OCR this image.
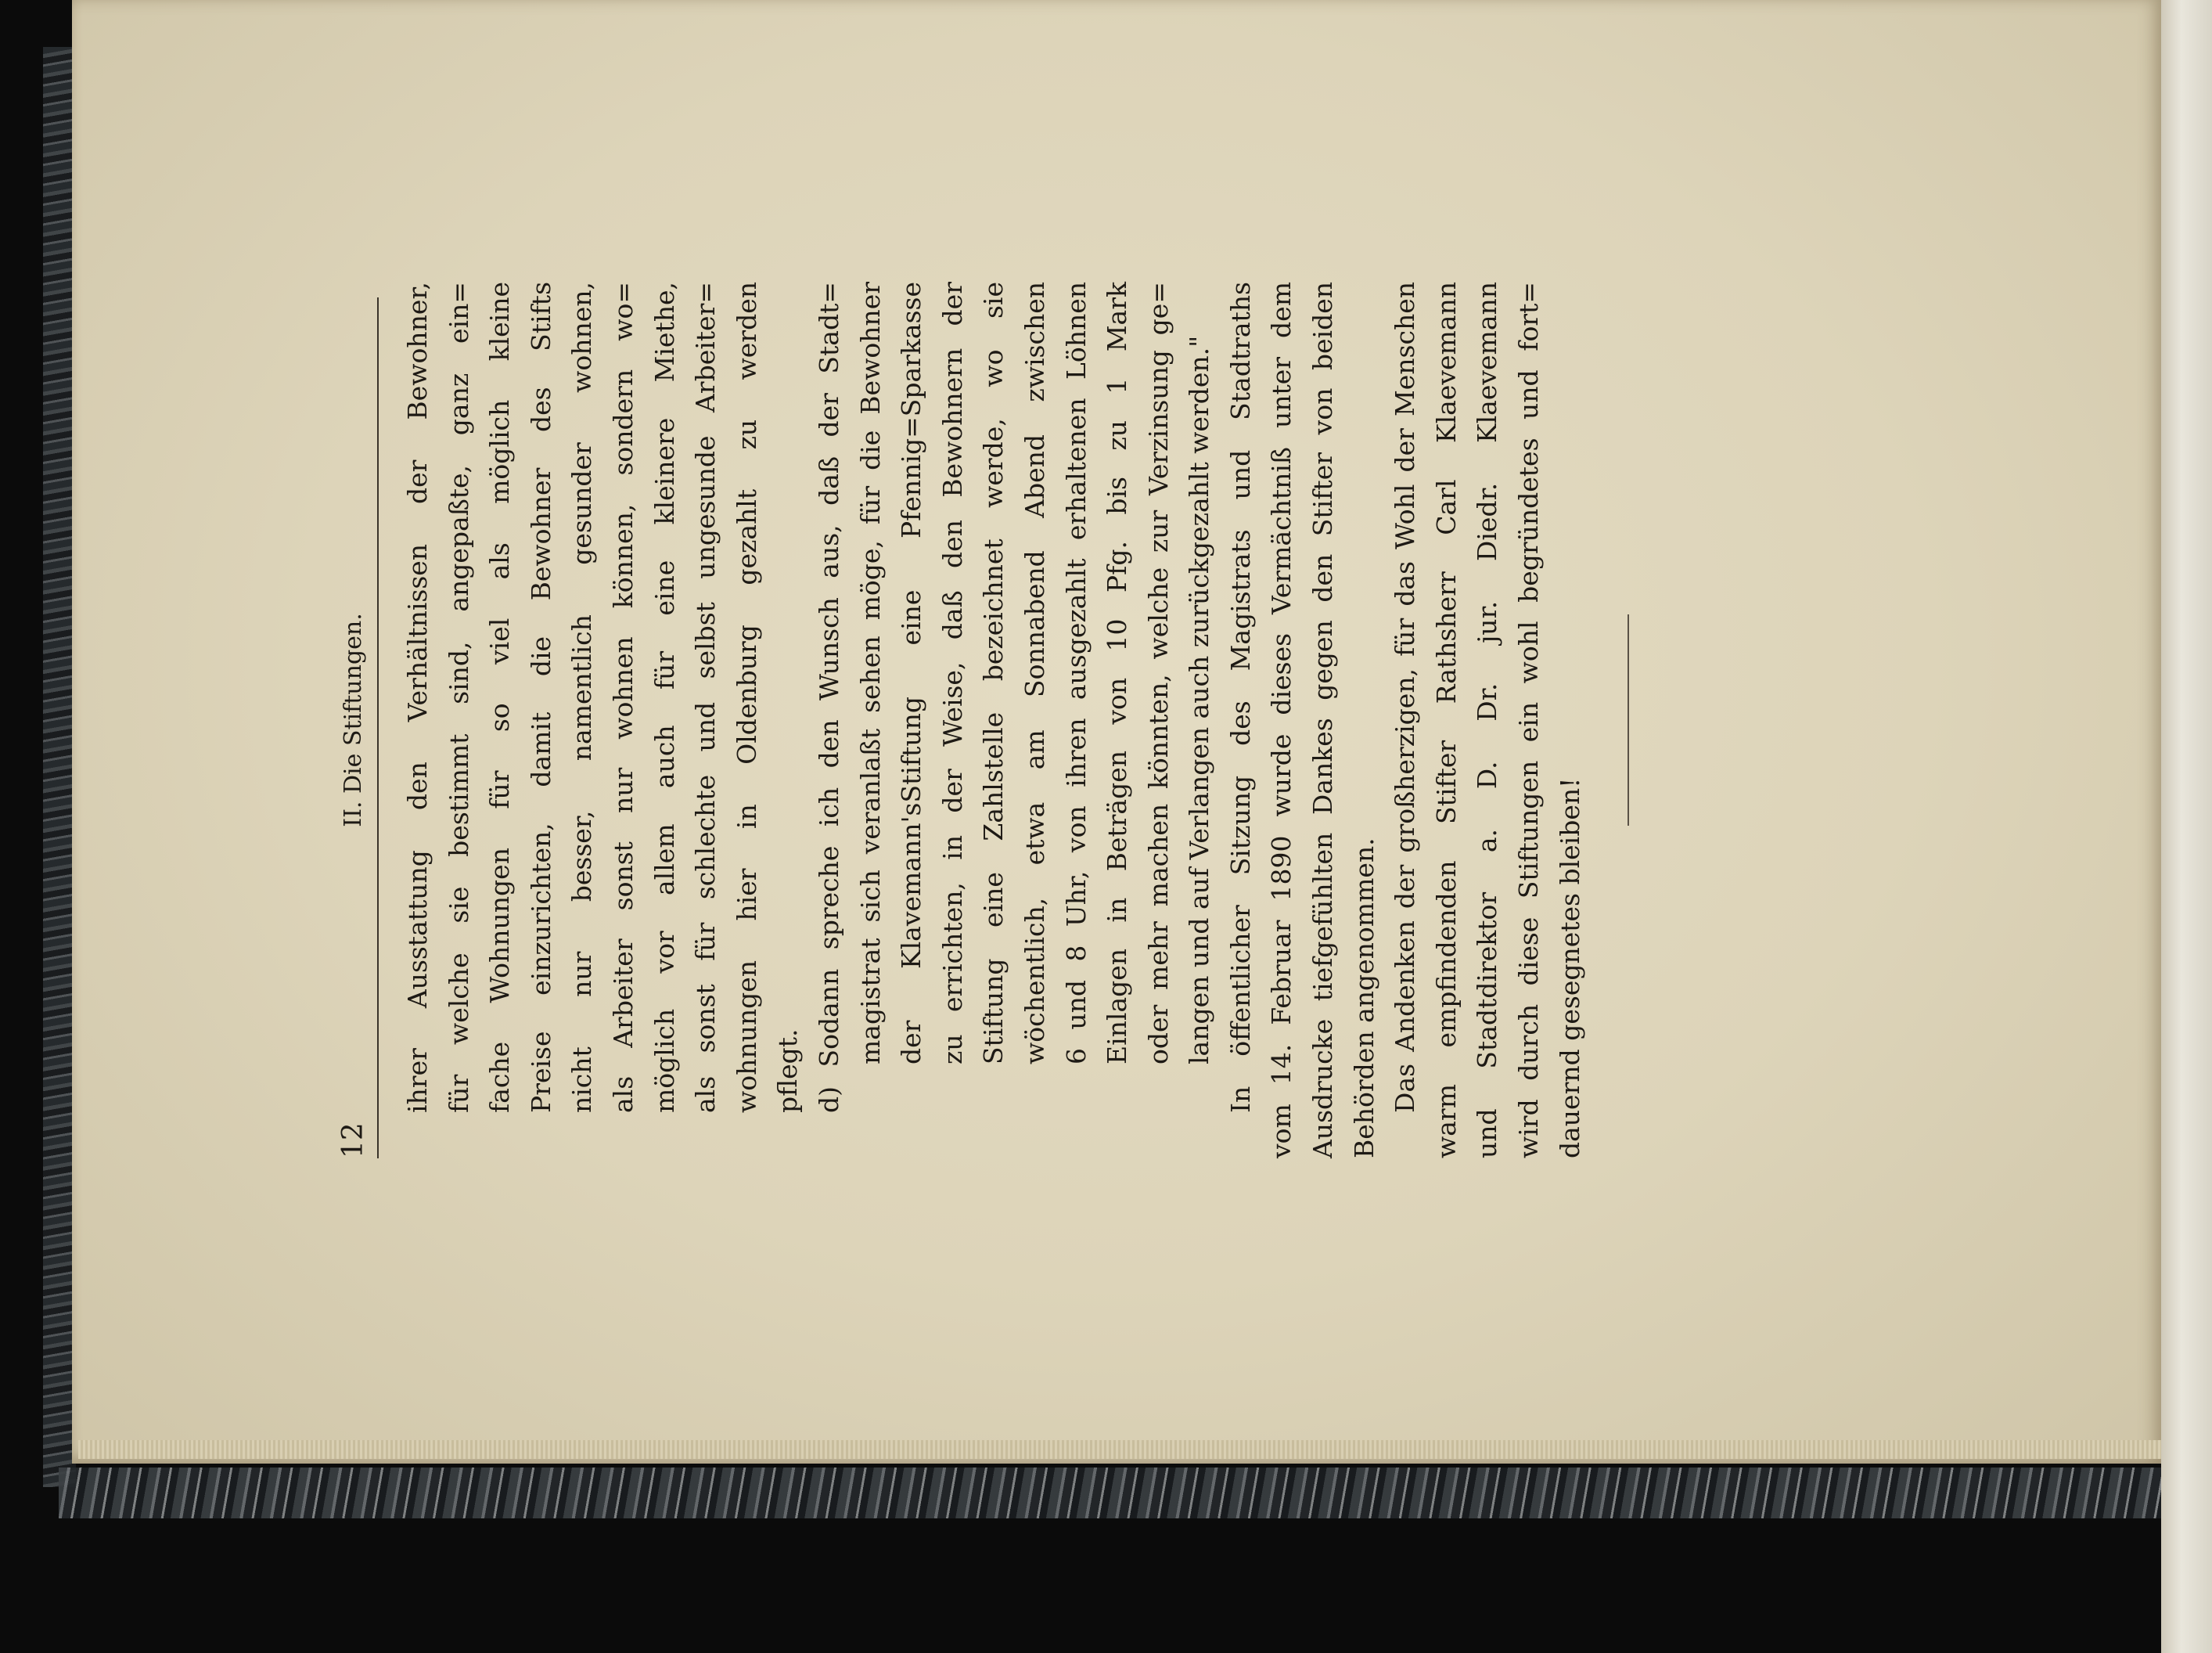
12
II. Die Stiftungen. ihrer Ausstattung den Verhältnissen der Bewohner, für welche sie bestimmt sind, angepaßte, ganz ein= fache Wohnungen für so viel als möglich kleine Preise einzurichten, damit die Bewohner des Stifts nicht nur besser, namentlich gesunder wohnen, als Arbeiter sonst nur wohnen können, sondern wo= möglich vor allem auch für eine kleinere Miethe, als sonst für schlechte und selbst ungesunde Arbeiter= wohnungen hier in Oldenburg gezahlt zu werden pflegt. d) Sodann spreche ich den Wunsch aus, daß der Stadt= magistrat sich veranlaßt sehen möge, für die Bewohner der Klavemann'sStiftung eine Pfennig=Sparkasse zu errichten, in der Weise, daß den Bewohnern der Stiftung eine Zahlstelle bezeichnet werde, wo sie wöchentlich, etwa am Sonnabend Abend zwischen 6 und 8 Uhr, von ihren ausgezahlt erhaltenen Löhnen Einlagen in Beträgen von 10 Pfg. bis zu 1 Mark oder mehr machen könnten, welche zur Verzinsung ge= langen und auf Verlangen auch zurückgezahlt werden." In öffentlicher Sitzung des Magistrats und Stadtraths vom 14. Februar 1890 wurde dieses Vermächtniß unter dem Ausdrucke tiefgefühlten Dankes gegen den Stifter von beiden Behörden angenommen. Das Andenken der großherzigen, für das Wohl der Menschen warm empfindenden Stifter Rathsherr Carl Klaevemann und Stadtdirektor a. D. Dr. jur. Diedr. Klaevemann wird durch diese Stiftungen ein wohl begründetes und fort= dauernd gesegnetes bleiben!
